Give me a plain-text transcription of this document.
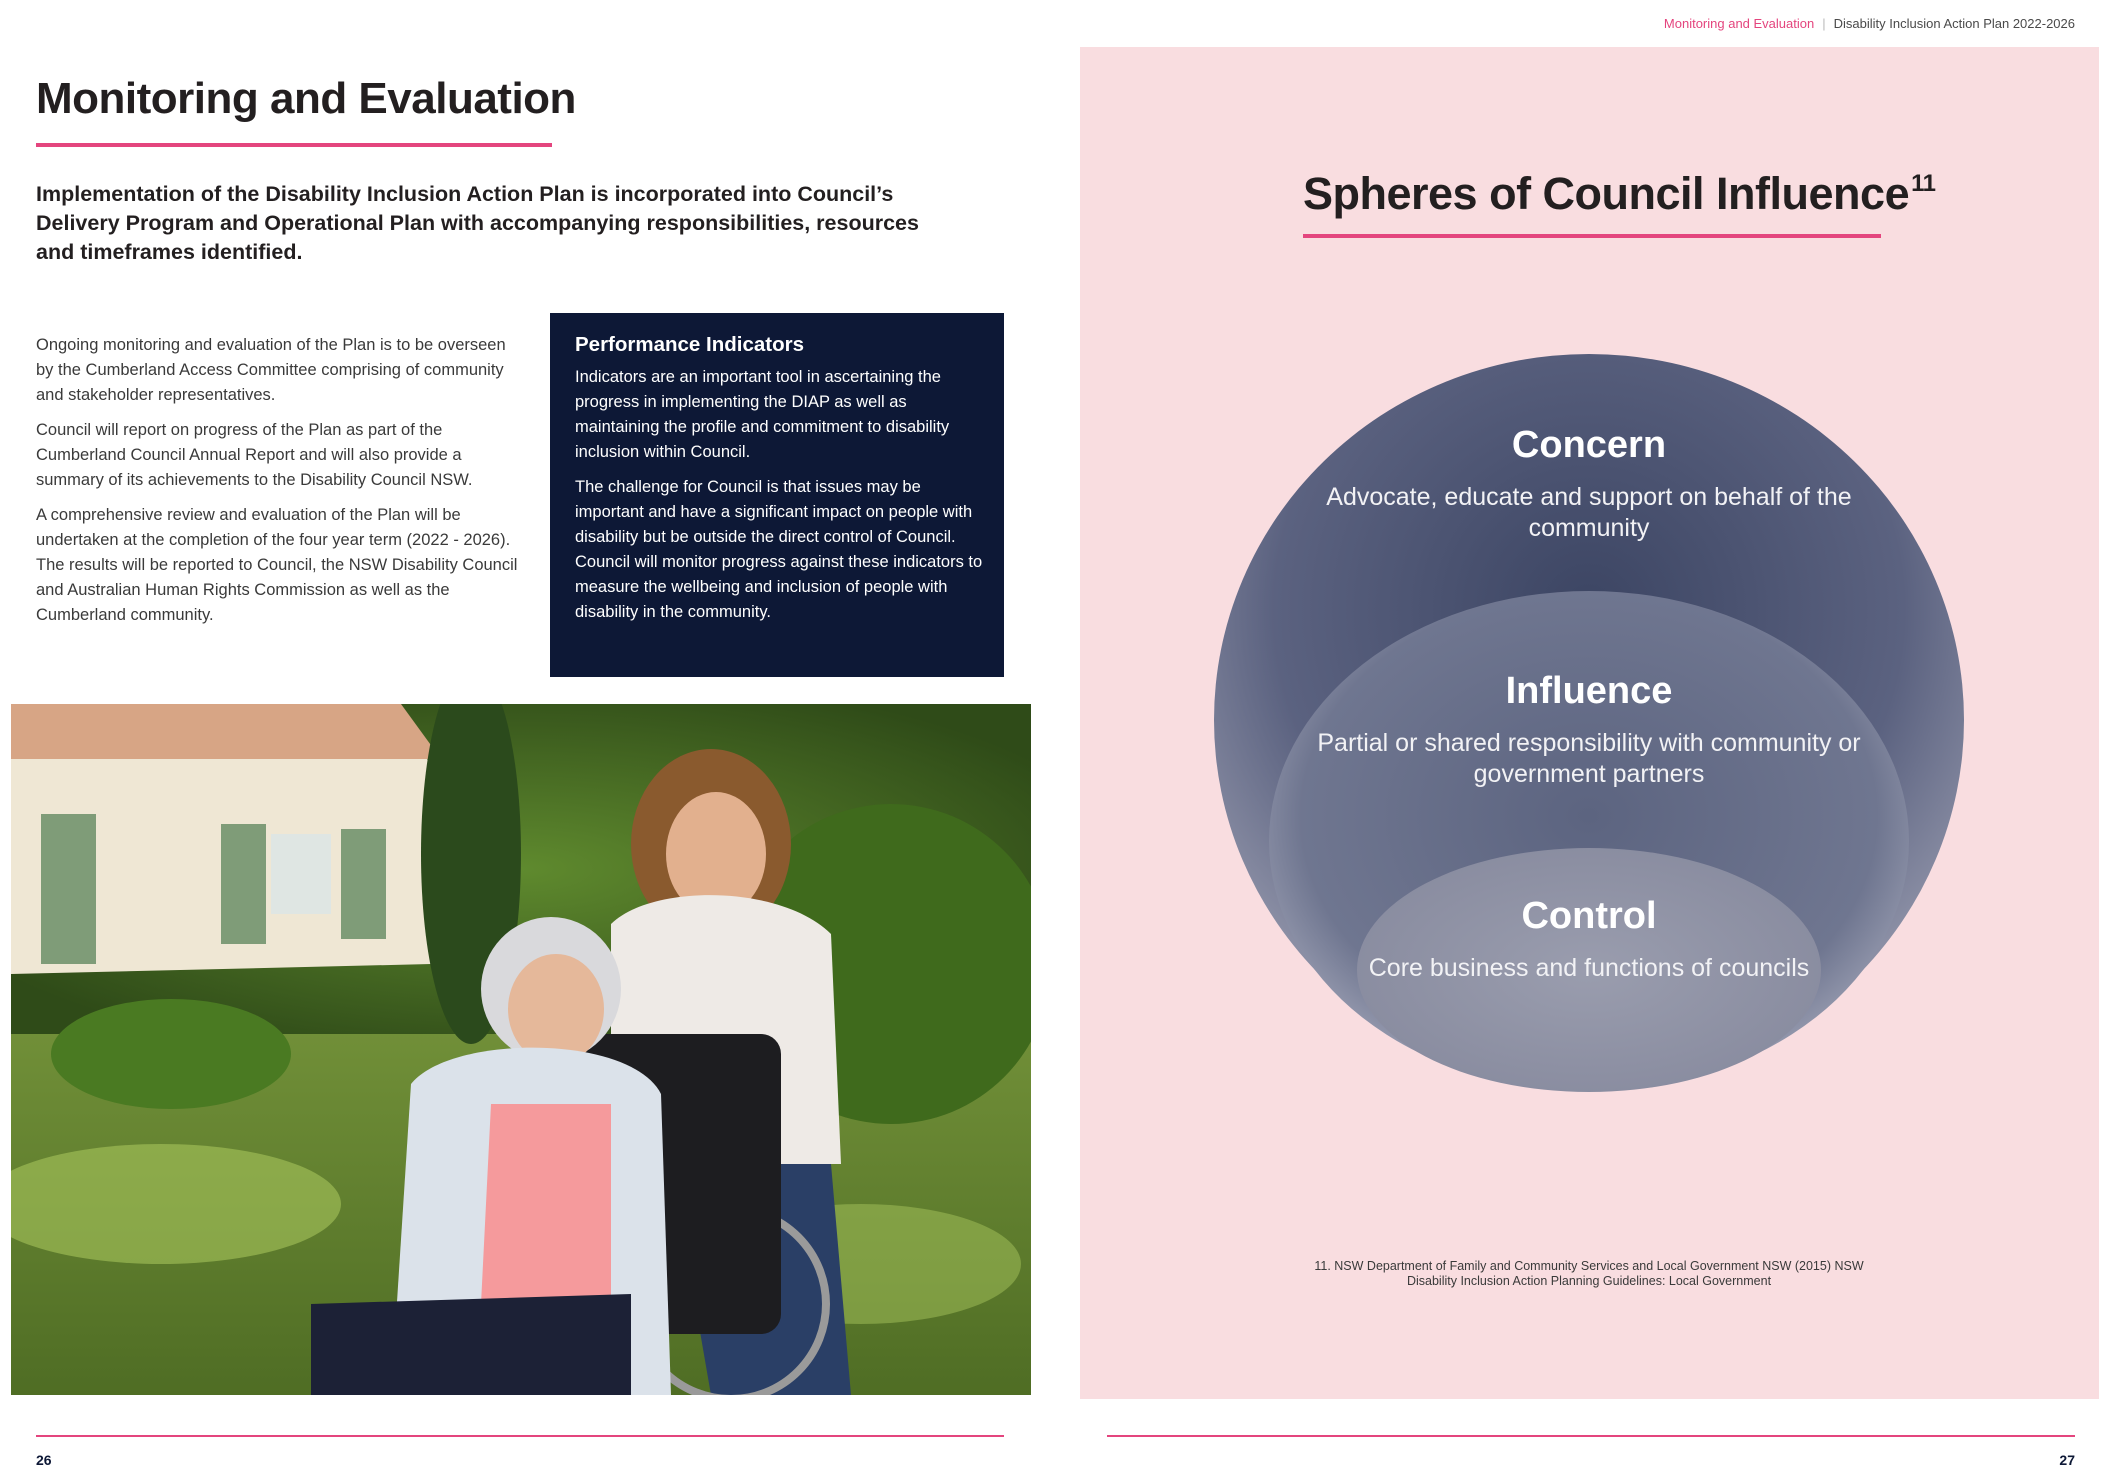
Monitoring and Evaluation | Disability Inclusion Action Plan 2022-2026
Monitoring and Evaluation

Implementation of the Disability Inclusion Action Plan is incorporated into Council’s Delivery Program and Operational Plan with accompanying responsibilities, resources and timeframes identified.

Ongoing monitoring and evaluation of the Plan is to be overseen by the Cumberland Access Committee comprising of community and stakeholder representatives.

Council will report on progress of the Plan as part of the Cumberland Council Annual Report and will also provide a summary of its achievements to the Disability Council NSW.

A comprehensive review and evaluation of the Plan will be undertaken at the completion of the four year term (2022 - 2026). The results will be reported to Council, the NSW Disability Council and Australian Human Rights Commission as well as the Cumberland community.

Performance Indicators

Indicators are an important tool in ascertaining the progress in implementing the DIAP as well as maintaining the profile and commitment to disability inclusion within Council.

The challenge for Council is that issues may be important and have a significant impact on people with disability but be outside the direct control of Council. Council will monitor progress against these indicators to measure the wellbeing and inclusion of people with disability in the community.

26
Spheres of Council Influence$^{11}$
Concern

Advocate, educate and support on behalf of the community

Influence

Partial or shared responsibility with community or government partners

Control

Core business and functions of councils

11. NSW Department of Family and Community Services and Local Government NSW (2015) NSW Disability Inclusion Action Planning Guidelines: Local Government

27
